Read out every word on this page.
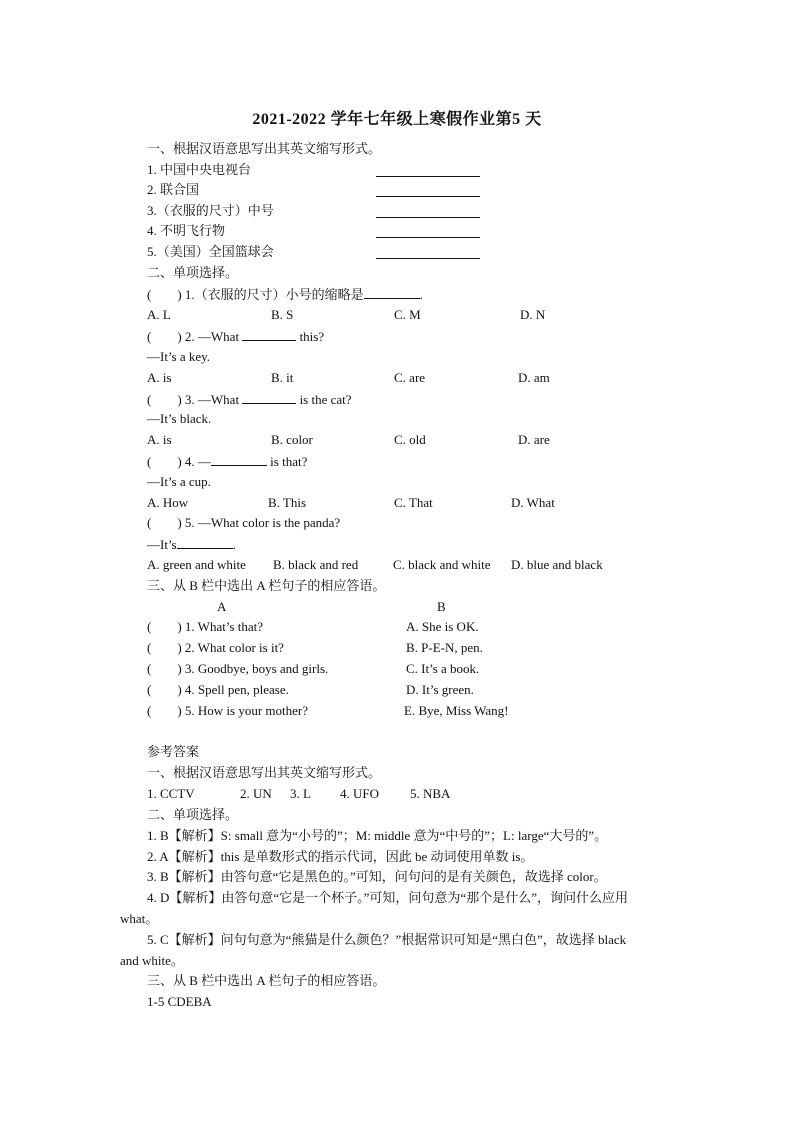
2021-2022 学年七年级上寒假作业第5 天
一、根据汉语意思写出其英文缩写形式。
1. 中国中央电视台
2. 联合国
3.（衣服的尺寸）中号
4. 不明飞行物
5.（美国）全国篮球会
二、单项选择。
(　　) 1.（衣服的尺寸）小号的缩略是	.
A. L	B. S	C. M	D. N
(　　) 2. —What	this?
—It’s a key.
A. is	B. it	C. are	D. am
(　　) 3. —What	is the cat?
—It’s black.
A. is	B. color	C. old	D. are
(　　) 4. —	is that?
—It’s a cup.
A. How	B. This	C. That	D. What
(　　) 5. —What color is the panda?
—It’s	.
A. green and white B. black and red	C. black and white D. blue and black
三、从 B 栏中选出 A 栏句子的相应答语。
A	B
(　　) 1. What’s that?	A. She is OK.
(　　) 2. What color is it?	B. P-E-N, pen.
(　　) 3. Goodbye, boys and girls.	C. It’s a book.
(　　) 4. Spell pen, please.	D. It’s green.
(　　) 5. How is your mother?	E. Bye, Miss Wang!
参考答案
一、根据汉语意思写出其英文缩写形式。
1. CCTV	2. UN 3. L 4. UFO 5. NBA
二、单项选择。
1. B【解析】S: small 意为“小号的”；M: middle 意为“中号的”；L: large“大号的”。
2. A【解析】this 是单数形式的指示代词，因此 be 动词使用单数 is。
3. B【解析】由答句意“它是黑色的。”可知，问句问的是有关颜色，故选择 color。
4. D【解析】由答句意“它是一个杯子。”可知，问句意为“那个是什么”，询问什么应用
what。
5. C【解析】问句句意为“熊猫是什么颜色？”根据常识可知是“黑白色”，故选择 black
and white。
三、从 B 栏中选出 A 栏句子的相应答语。
1-5 CDEBA
